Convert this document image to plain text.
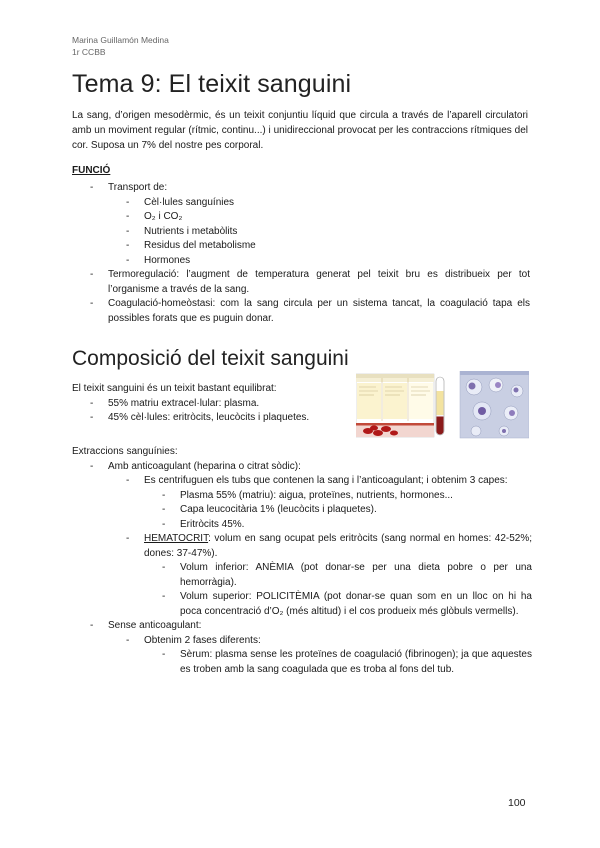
Marina Guillamón Medina
1r CCBB
Tema 9: El teixit sanguini
La sang, d’origen mesodèrmic, és un teixit conjuntiu líquid que circula a través de l’aparell circulatori amb un moviment regular (rítmic, continu...) i unidireccional provocat per les contraccions rítmiques del cor. Suposa un 7% del nostre pes corporal.
FUNCIÓ
- Transport de:
- Cèl·lules sanguínies
- O₂ i CO₂
- Nutrients i metabòlits
- Residus del metabolisme
- Hormones
- Termoregulació: l’augment de temperatura generat pel teixit bru es distribueix per tot l’organisme a través de la sang.
- Coagulació-homeòstasi: com la sang circula per un sistema tancat, la coagulació tapa els possibles forats que es puguin donar.
Composició del teixit sanguini
El teixit sanguini és un teixit bastant equilibrat:
- 55% matriu extracel·lular: plasma.
- 45% cèl·lules: eritròcits, leucòcits i plaquetes.
Extraccions sanguínies:
- Amb anticoagulant (heparina o citrat sòdic):
- Es centrifuguen els tubs que contenen la sang i l’anticoagulant; i obtenim 3 capes:
- Plasma 55% (matriu): aigua, proteïnes, nutrients, hormones...
- Capa leucocitària 1% (leucòcits i plaquetes).
- Eritròcits 45%.
- HEMATOCRIT: volum en sang ocupat pels eritròcits (sang normal en homes: 42-52%; dones: 37-47%).
- Volum inferior: ANÈMIA (pot donar-se per una dieta pobre o per una hemorràgia).
- Volum superior: POLICITÈMIA (pot donar-se quan som en un lloc on hi ha poca concentració d’O₂ (més altitud) i el cos produeix més glòbuls vermells).
- Sense anticoagulant:
- Obtenim 2 fases diferents:
- Sèrum: plasma sense les proteïnes de coagulació (fibrinogen); ja que aquestes es troben amb la sang coagulada que es troba al fons del tub.
100
